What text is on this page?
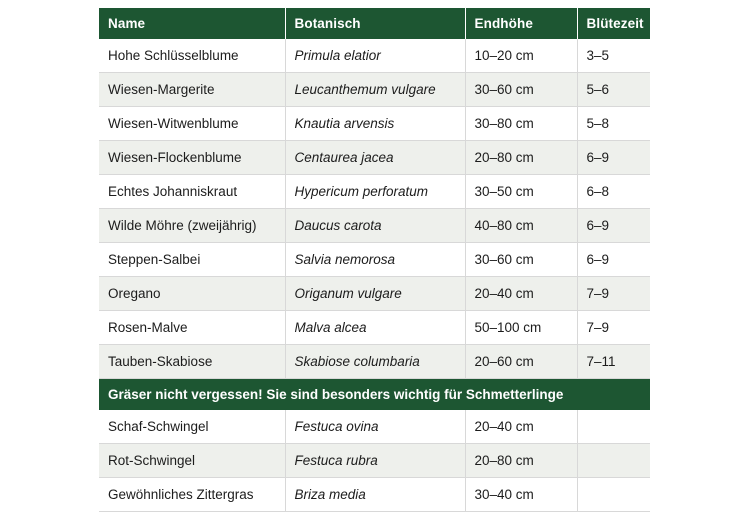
Name	Botanisch	Endhöhe	Blütezeit
Hohe Schlüsselblume	Primula elatior	10–20 cm	3–5
Wiesen-Margerite	Leucanthemum vulgare	30–60 cm	5–6
Wiesen-Witwenblume	Knautia arvensis	30–80 cm	5–8
Wiesen-Flockenblume	Centaurea jacea	20–80 cm	6–9
Echtes Johanniskraut	Hypericum perforatum	30–50 cm	6–8
Wilde Möhre (zweijährig)	Daucus carota	40–80 cm	6–9
Steppen-Salbei	Salvia nemorosa	30–60 cm	6–9
Oregano	Origanum vulgare	20–40 cm	7–9
Rosen-Malve	Malva alcea	50–100 cm	7–9
Tauben-Skabiose	Skabiose columbaria	20–60 cm	7–11
Gräser nicht vergessen! Sie sind besonders wichtig für Schmetterlinge			
Schaf-Schwingel	Festuca ovina	20–40 cm	
Rot-Schwingel	Festuca rubra	20–80 cm	
Gewöhnliches Zittergras	Briza media	30–40 cm	
